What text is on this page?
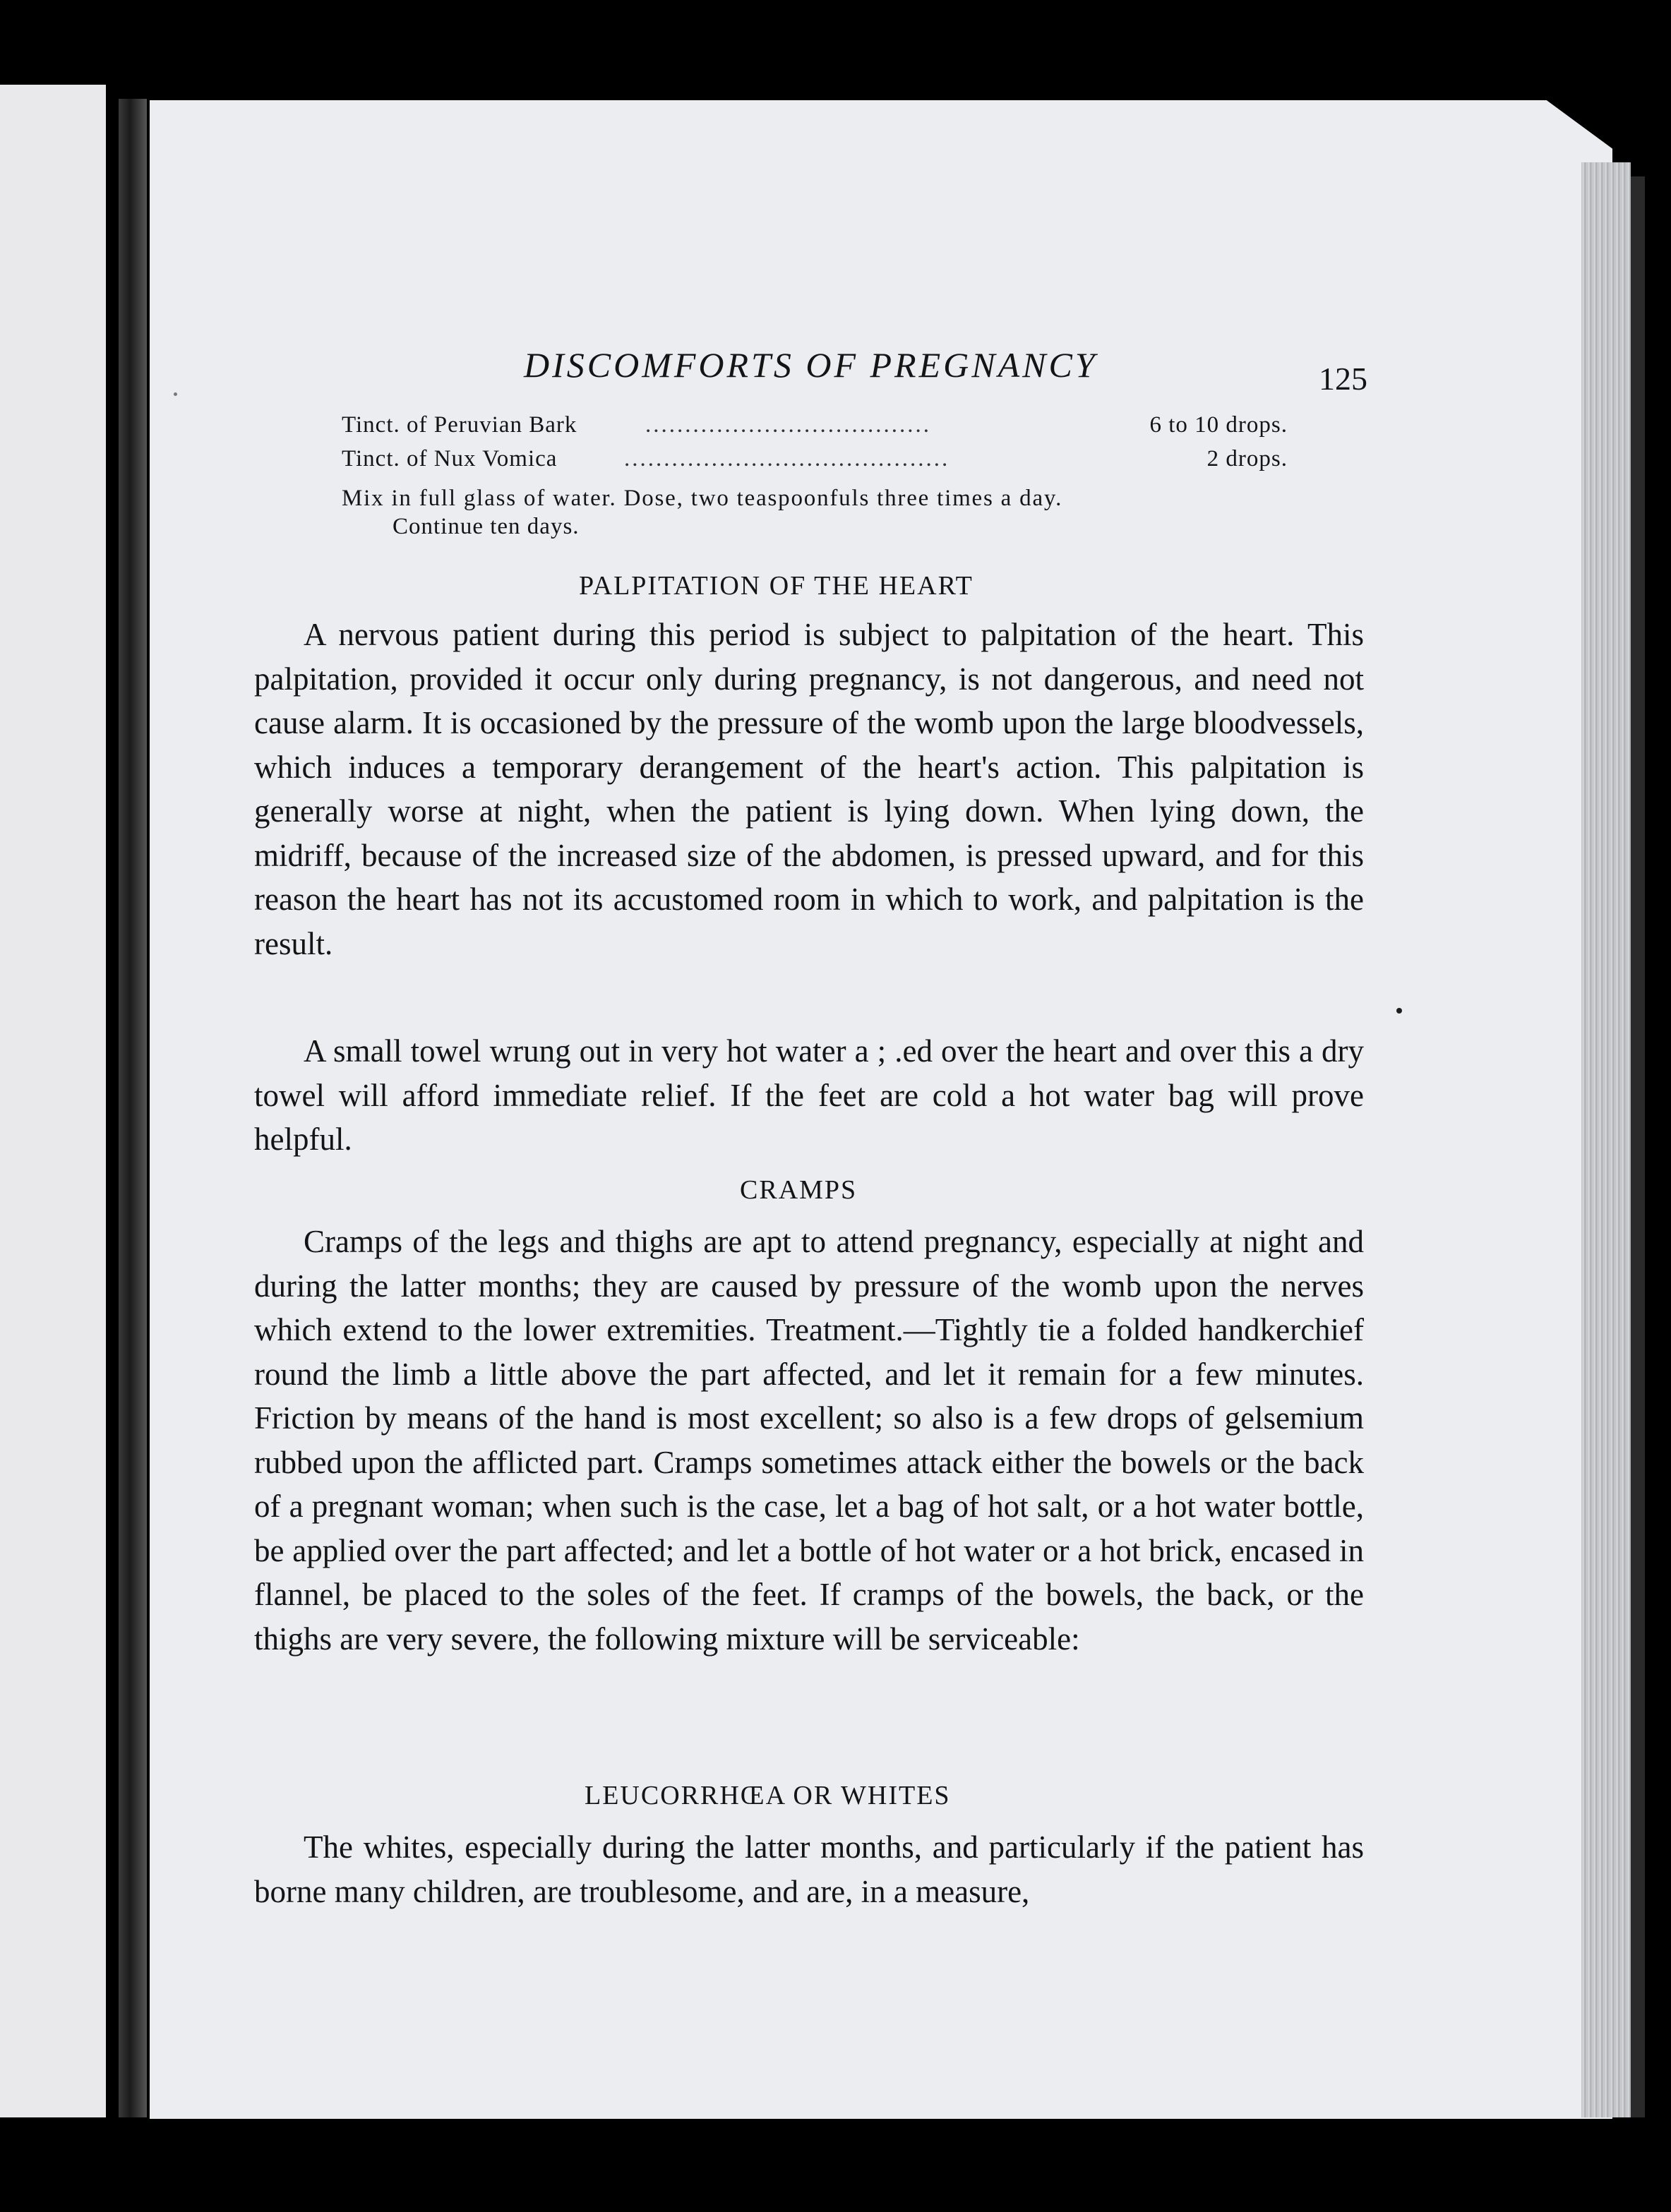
DISCOMFORTS OF PREGNANCY	125
Tinct. of Peruvian Bark	....................................	6 to 10 drops.
Tinct. of Nux Vomica	.........................................	2 drops.
Mix in full glass of water. Dose, two teaspoonfuls three times a day.
Continue ten days.
PALPITATION OF THE HEART

A nervous patient during this period is subject to palpitation of the heart. This palpitation, provided it occur only during pregnancy, is not dangerous, and need not cause alarm. It is occasioned by the pressure of the womb upon the large bloodvessels, which induces a temporary derangement of the heart's action. This palpitation is generally worse at night, when the patient is lying down. When lying down, the midriff, because of the increased size of the abdomen, is pressed upward, and for this reason the heart has not its accustomed room in which to work, and palpitation is the result.

A small towel wrung out in very hot water a ; .ed over the heart and over this a dry towel will afford immediate relief. If the feet are cold a hot water bag will prove helpful.

CRAMPS

Cramps of the legs and thighs are apt to attend pregnancy, especially at night and during the latter months; they are caused by pressure of the womb upon the nerves which extend to the lower extremities. Treatment.—Tightly tie a folded handkerchief round the limb a little above the part affected, and let it remain for a few minutes. Friction by means of the hand is most excellent; so also is a few drops of gelsemium rubbed upon the afflicted part. Cramps sometimes attack either the bowels or the back of a pregnant woman; when such is the case, let a bag of hot salt, or a hot water bottle, be applied over the part affected; and let a bottle of hot water or a hot brick, encased in flannel, be placed to the soles of the feet. If cramps of the bowels, the back, or the thighs are very severe, the following mixture will be serviceable:

LEUCORRHŒA OR WHITES

The whites, especially during the latter months, and particularly if the patient has borne many children, are troublesome, and are, in a measure,
